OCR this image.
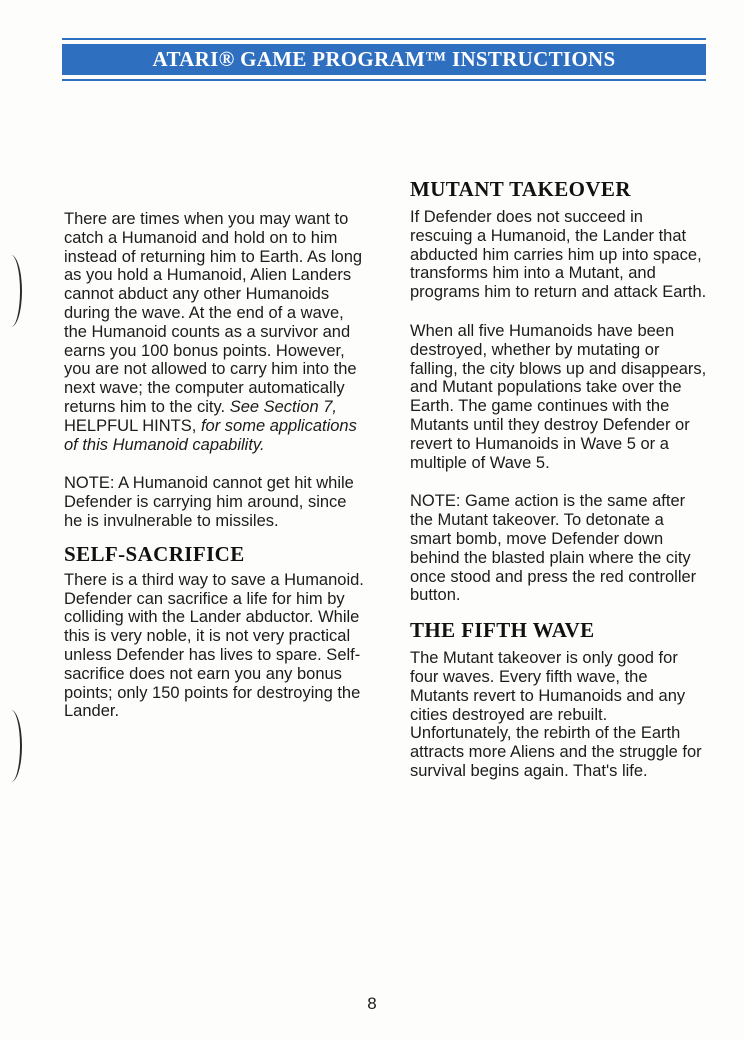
ATARI® GAME PROGRAM™ INSTRUCTIONS

There are times when you may want to catch a Humanoid and hold on to him instead of returning him to Earth. As long as you hold a Humanoid, Alien Landers cannot abduct any other Humanoids during the wave. At the end of a wave, the Humanoid counts as a survivor and earns you 100 bonus points. However, you are not allowed to carry him into the next wave; the computer automatically returns him to the city. See Section 7, HELPFUL HINTS, for some applications of this Humanoid capability.

NOTE: A Humanoid cannot get hit while Defender is carrying him around, since he is invulnerable to missiles.

SELF-SACRIFICE

There is a third way to save a Humanoid. Defender can sacrifice a life for him by colliding with the Lander abductor. While this is very noble, it is not very practical unless Defender has lives to spare. Self-sacrifice does not earn you any bonus points; only 150 points for destroying the Lander.

MUTANT TAKEOVER

If Defender does not succeed in rescuing a Humanoid, the Lander that abducted him carries him up into space, transforms him into a Mutant, and programs him to return and attack Earth.

When all five Humanoids have been destroyed, whether by mutating or falling, the city blows up and disappears, and Mutant populations take over the Earth. The game continues with the Mutants until they destroy Defender or revert to Humanoids in Wave 5 or a multiple of Wave 5.

NOTE: Game action is the same after the Mutant takeover. To detonate a smart bomb, move Defender down behind the blasted plain where the city once stood and press the red controller button.

THE FIFTH WAVE

The Mutant takeover is only good for four waves. Every fifth wave, the Mutants revert to Humanoids and any cities destroyed are rebuilt. Unfortunately, the rebirth of the Earth attracts more Aliens and the struggle for survival begins again. That's life.

8
